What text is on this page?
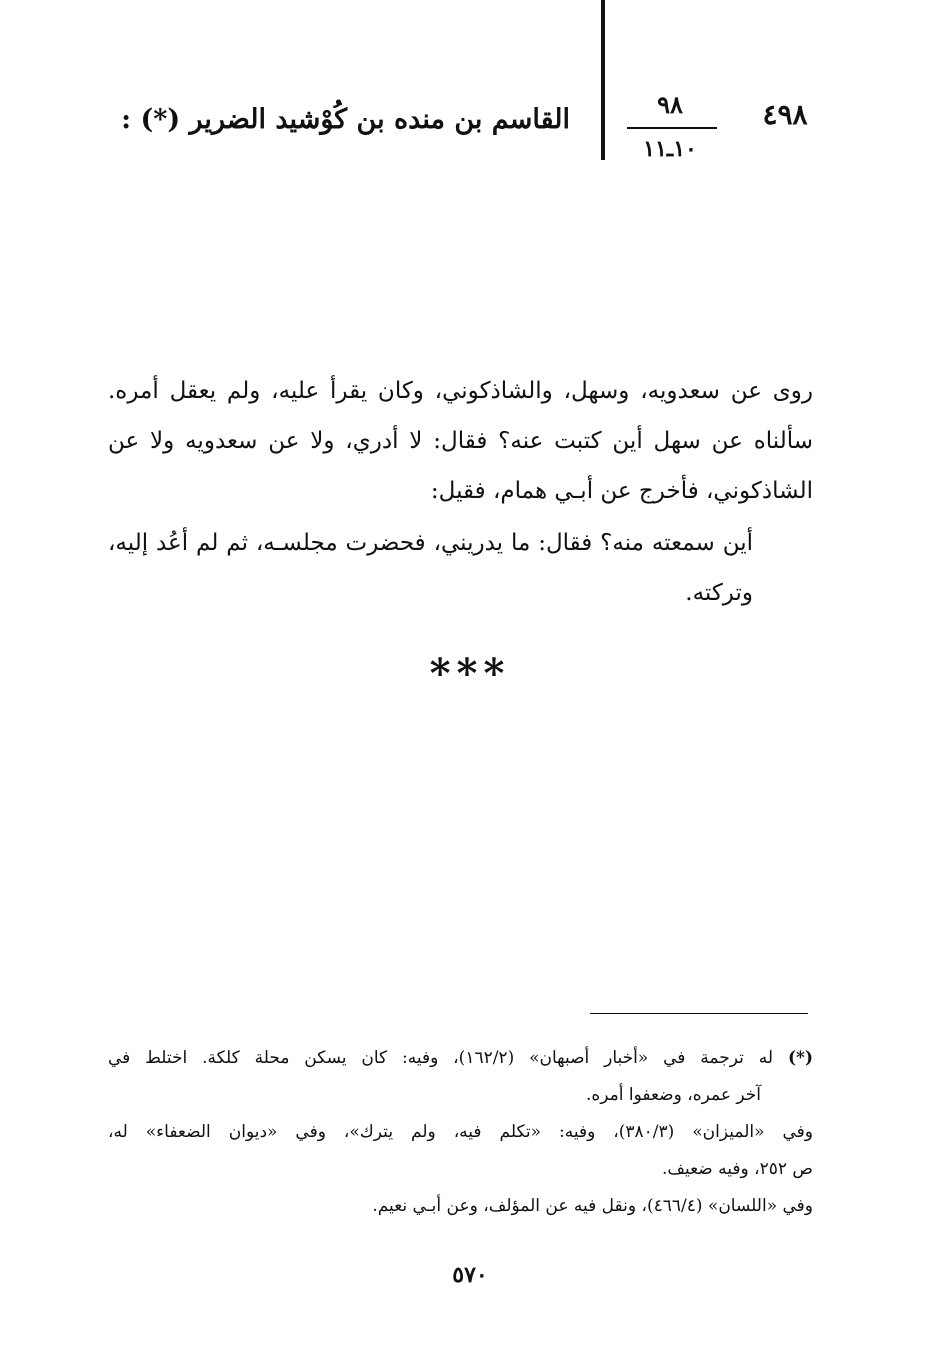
٤٩٨
٩٨
١٠ـ١١
القاسم بن منده بن كُوْشيد الضرير (*) :
روى عن سعدويه، وسهل، والشاذكوني، وكان يقرأ عليه، ولم يعقل أمره. سألناه عن سهل أين كتبت عنه؟ فقال: لا أدري، ولا عن سعدويه ولا عن الشاذكوني، فأخرج عن أبـي همام، فقيل:
أين سمعته منه؟ فقال: ما يدريني، فحضرت مجلسـه، ثم لم أعُد إليه، وتركته.
***
(*)
له ترجمة في «أخبار أصبهان» (١٦٢/٢)، وفيه: كان يسكن محلة كلكة. اختلط في
آخر عمره، وضعفوا أمره.
وفي «الميزان» (٣٨٠/٣)، وفيه: «تكلم فيه، ولم يترك»، وفي «ديوان الضعفاء» له،
ص ٢٥٢، وفيه ضعيف.
وفي «اللسان» (٤٦٦/٤)، ونقل فيه عن المؤلف، وعن أبـي نعيم.
٥٧٠
